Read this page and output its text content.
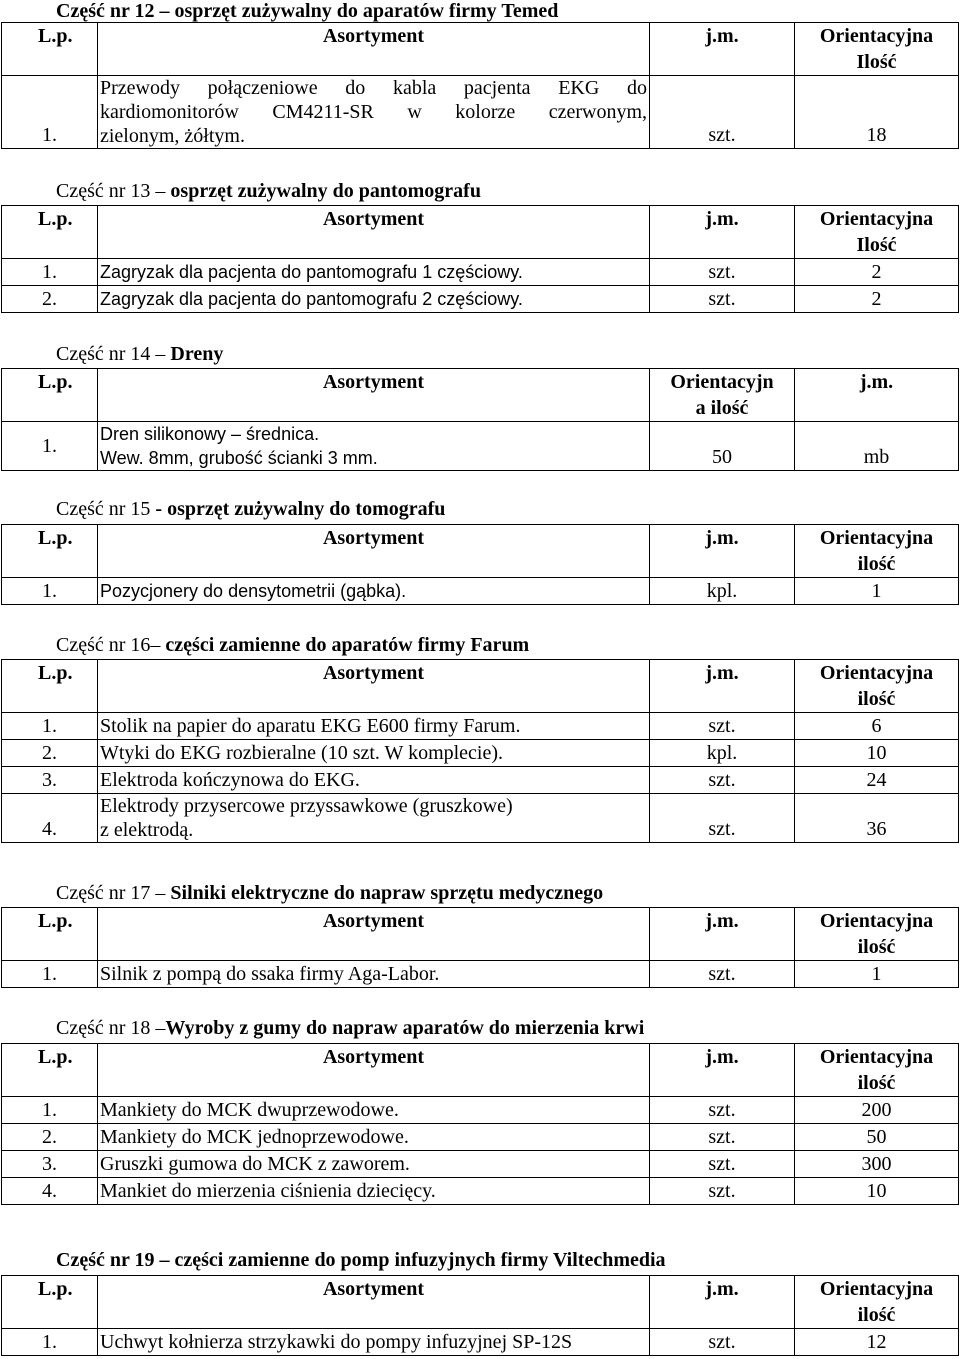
Część nr 12 – osprzęt zużywalny do aparatów firmy Temed
L.p.	Asortyment	j.m.	Orientacyjna
Ilość
1.	Przewody połączeniowe do kabla pacjenta EKG do
kardiomonitorów CM4211-SR w kolorze czerwonym,
zielonym, żółtym.	szt.	18
Część nr 13 – osprzęt zużywalny do pantomografu
L.p.	Asortyment	j.m.	Orientacyjna
Ilość
1.	Zagryzak dla pacjenta do pantomografu 1 częściowy.	szt.	2
2.	Zagryzak dla pacjenta do pantomografu 2 częściowy.	szt.	2
Część nr 14 – Dreny
L.p.	Asortyment	Orientacyjn
a ilość	j.m.
1.	Dren silikonowy – średnica.
Wew. 8mm, grubość ścianki 3 mm.	50	mb
Część nr 15 - osprzęt zużywalny do tomografu
L.p.	Asortyment	j.m.	Orientacyjna
ilość
1.	Pozycjonery do densytometrii (gąbka).	kpl.	1
Część nr 16– części zamienne do aparatów firmy Farum
L.p.	Asortyment	j.m.	Orientacyjna
ilość
1.	Stolik na papier do aparatu EKG E600 firmy Farum.	szt.	6
2.	Wtyki do EKG rozbieralne (10 szt. W komplecie).	kpl.	10
3.	Elektroda kończynowa do EKG.	szt.	24
4.	Elektrody przysercowe przyssawkowe (gruszkowe)
z elektrodą.	szt.	36
Część nr 17 – Silniki elektryczne do napraw sprzętu medycznego
L.p.	Asortyment	j.m.	Orientacyjna
ilość
1.	Silnik z pompą do ssaka firmy Aga-Labor.	szt.	1
Część nr 18 –Wyroby z gumy do napraw aparatów do mierzenia krwi
L.p.	Asortyment	j.m.	Orientacyjna
ilość
1.	Mankiety do MCK dwuprzewodowe.	szt.	200
2.	Mankiety do MCK jednoprzewodowe.	szt.	50
3.	Gruszki gumowa do MCK z zaworem.	szt.	300
4.	Mankiet do mierzenia ciśnienia dziecięcy.	szt.	10
Część nr 19 – części zamienne do pomp infuzyjnych firmy Viltechmedia
L.p.	Asortyment	j.m.	Orientacyjna
ilość
1.	Uchwyt kołnierza strzykawki do pompy infuzyjnej SP-12S	szt.	12
